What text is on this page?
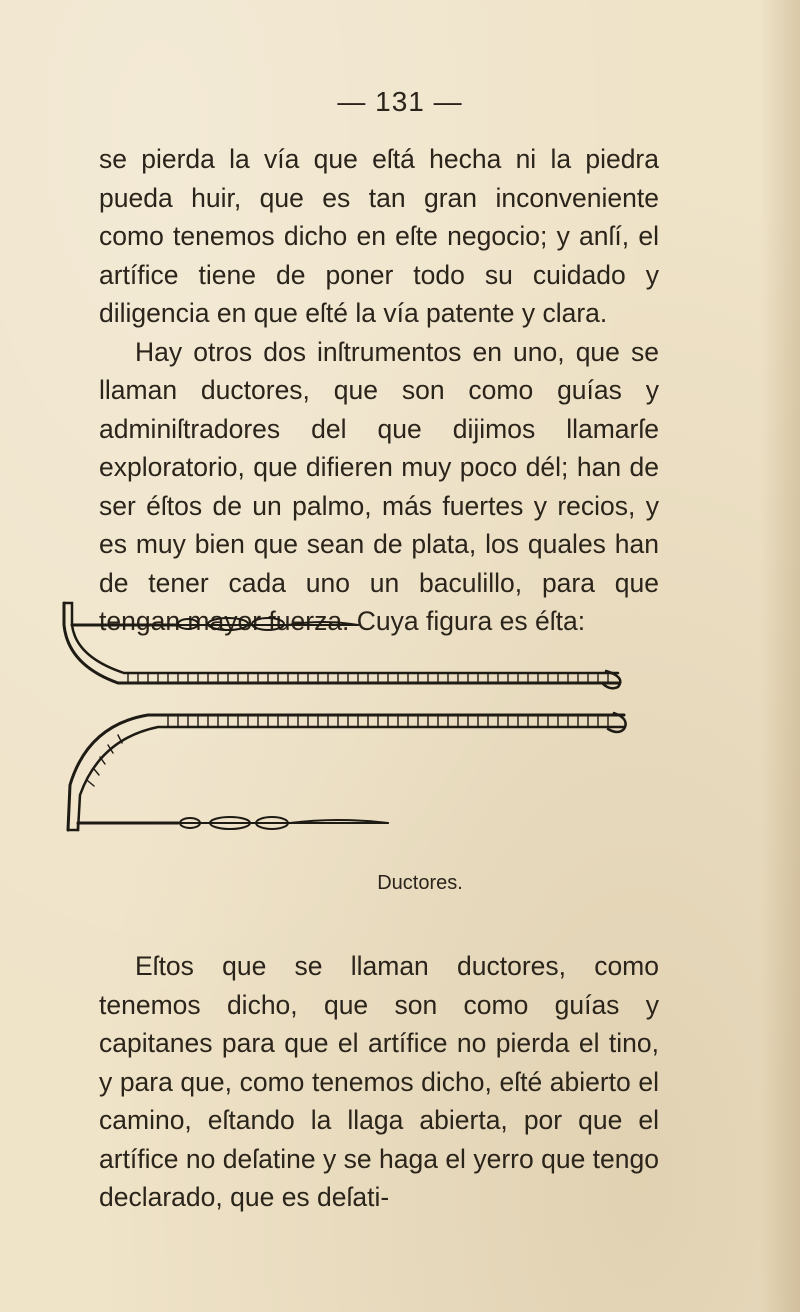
— 131 —

se pierda la vía que eſtá hecha ni la piedra pueda huir, que es tan gran inconveniente como tenemos dicho en eſte negocio; y anſí, el artífice tiene de poner todo su cuidado y diligencia en que eſté la vía patente y clara.

Hay otros dos inſtrumentos en uno, que se llaman ductores, que son como guías y adminiſtradores del que dijimos llamarſe exploratorio, que difieren muy poco dél; han de ser éſtos de un palmo, más fuertes y recios, y es muy bien que sean de plata, los quales han de tener cada uno un baculillo, para que tengan mayor fuerza. Cuya figura es éſta:

Ductores.

Eſtos que se llaman ductores, como tenemos dicho, que son como guías y capitanes para que el artífice no pierda el tino, y para que, como tenemos dicho, eſté abierto el camino, eſtando la llaga abierta, por que el artífice no deſatine y se haga el yerro que tengo declarado, que es deſati-
